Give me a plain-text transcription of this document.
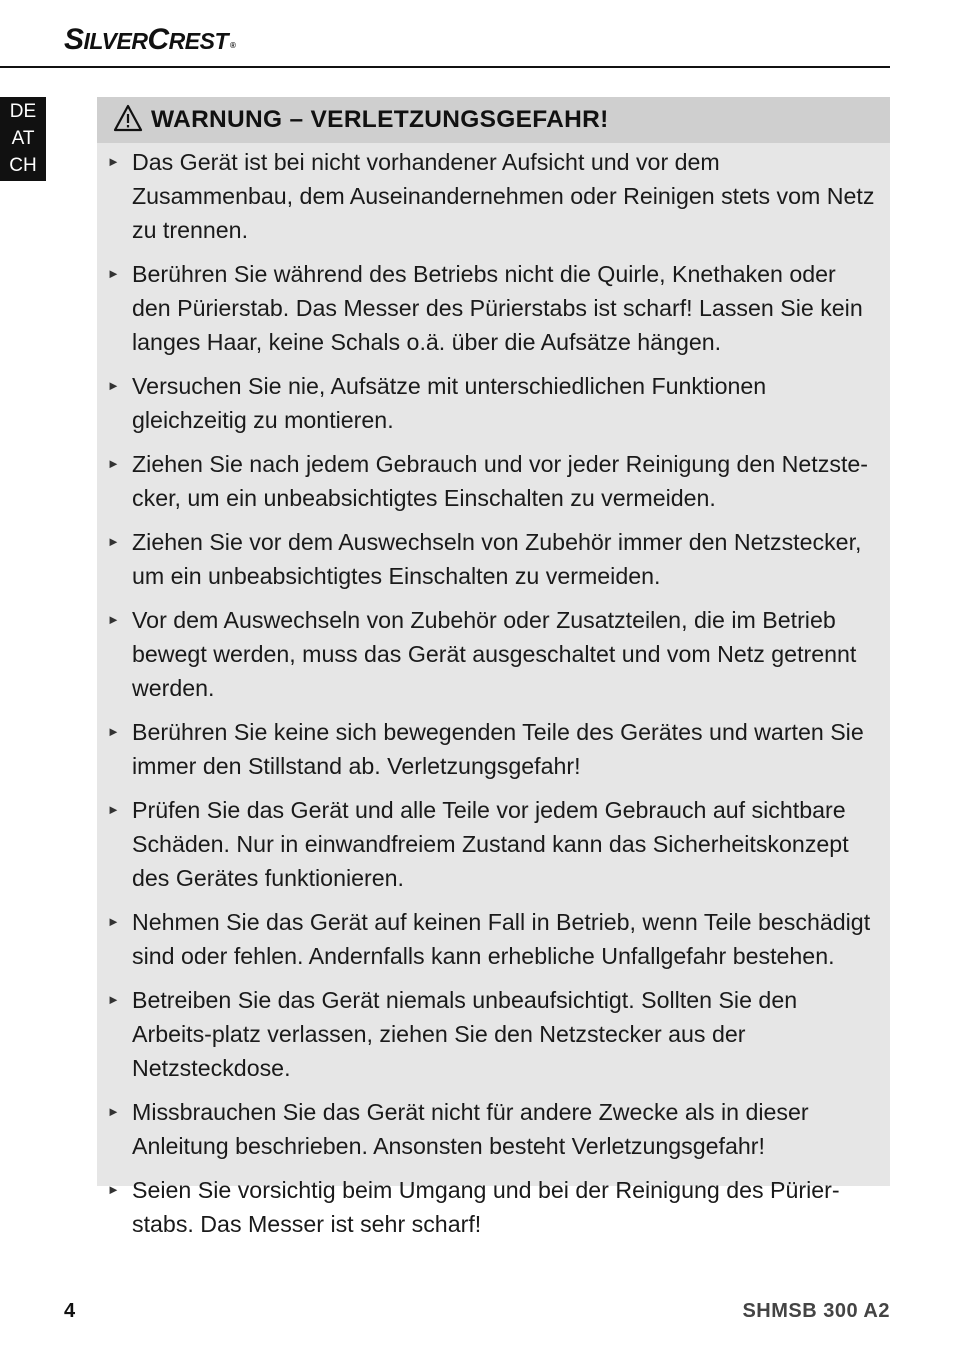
SILVERCREST ®
DE
AT
CH
WARNUNG – VERLETZUNGSGEFAHR!
► Das Gerät ist bei nicht vorhandener Aufsicht und vor dem Zusammenbau, dem Auseinandernehmen oder Reinigen stets vom Netz zu trennen.
► Berühren Sie während des Betriebs nicht die Quirle, Knethaken oder den Pürierstab. Das Messer des Pürierstabs ist scharf! Lassen Sie kein langes Haar, keine Schals o.ä. über die Aufsätze hängen.
► Versuchen Sie nie, Aufsätze mit unterschiedlichen Funktionen gleichzeitig zu montieren.
► Ziehen Sie nach jedem Gebrauch und vor jeder Reinigung den Netzste-cker, um ein unbeabsichtigtes Einschalten zu vermeiden.
► Ziehen Sie vor dem Auswechseln von Zubehör immer den Netzstecker, um ein unbeabsichtigtes Einschalten zu vermeiden.
► Vor dem Auswechseln von Zubehör oder Zusatzteilen, die im Betrieb bewegt werden, muss das Gerät ausgeschaltet und vom Netz getrennt werden.
► Berühren Sie keine sich bewegenden Teile des Gerätes und warten Sie immer den Stillstand ab. Verletzungsgefahr!
► Prüfen Sie das Gerät und alle Teile vor jedem Gebrauch auf sichtbare Schäden. Nur in einwandfreiem Zustand kann das Sicherheitskonzept des Gerätes funktionieren.
► Nehmen Sie das Gerät auf keinen Fall in Betrieb, wenn Teile beschädigt sind oder fehlen. Andernfalls kann erhebliche Unfallgefahr bestehen.
► Betreiben Sie das Gerät niemals unbeaufsichtigt. Sollten Sie den Arbeits-platz verlassen, ziehen Sie den Netzstecker aus der Netzsteckdose.
► Missbrauchen Sie das Gerät nicht für andere Zwecke als in dieser Anleitung beschrieben. Ansonsten besteht Verletzungsgefahr!
► Seien Sie vorsichtig beim Umgang und bei der Reinigung des Pürier-stabs. Das Messer ist sehr scharf!
4	SHMSB 300 A2
